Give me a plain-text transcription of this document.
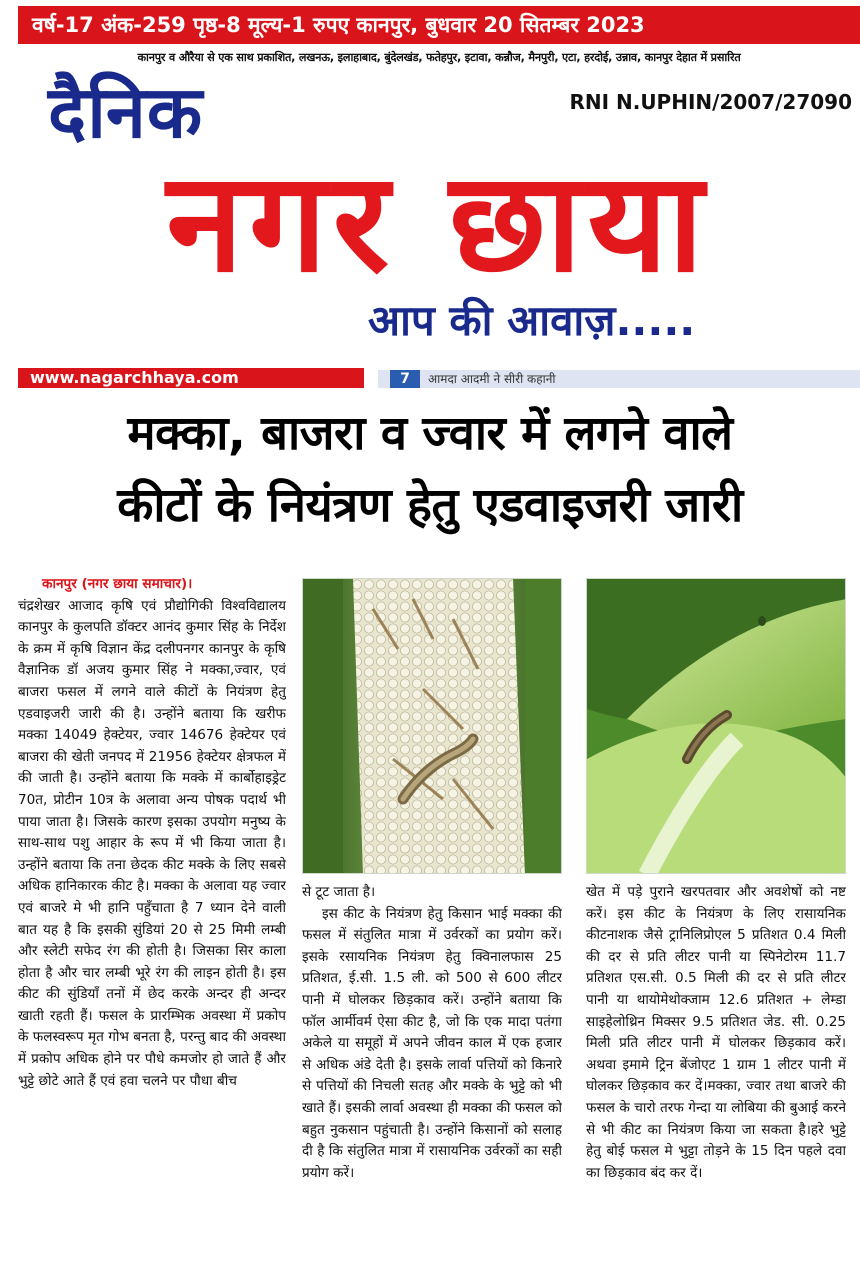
वर्ष-17 अंक-259 पृष्ठ-8 मूल्य-1 रुपए कानपुर, बुधवार 20 सितम्बर 2023
कानपुर व औरैया से एक साथ प्रकाशित, लखनऊ, इलाहाबाद, बुंदेलखंड, फतेहपुर, इटावा, कन्नौज, मैनपुरी, एटा, हरदोई, उन्नाव, कानपुर देहात में प्रसारित
दैनिक	RNI N.UPHIN/2007/27090
नगर छाया
आप की आवाज़.....
www.nagarchhaya.com	7	आमदा आदमी ने सीरी कहानी
मक्का, बाजरा व ज्वार में लगने वाले
कीटों के नियंत्रण हेतु एडवाइजरी जारी
कानपुर (नगर छाया समाचार)।
चंद्रशेखर आजाद कृषि एवं प्रौद्योगिकी विश्वविद्यालय कानपुर के कुलपति डॉक्टर आनंद कुमार सिंह के निर्देश के क्रम में कृषि विज्ञान केंद्र दलीपनगर कानपुर के कृषि वैज्ञानिक डॉ अजय कुमार सिंह ने मक्का,ज्वार, एवं बाजरा फसल में लगने वाले कीटों के नियंत्रण हेतु एडवाइजरी जारी की है। उन्होंने बताया कि खरीफ मक्का 14049 हेक्टेयर, ज्वार 14676 हेक्टेयर एवं बाजरा की खेती जनपद में 21956 हेक्टेयर क्षेत्रफल में की जाती है। उन्होंने बताया कि मक्के में कार्बोहाइड्रेट 70त, प्रोटीन 10त्र के अलावा अन्य पोषक पदार्थ भी पाया जाता है। जिसके कारण इसका उपयोग मनुष्य के साथ-साथ पशु आहार के रूप में भी किया जाता है। उन्होंने बताया कि तना छेदक कीट मक्के के लिए सबसे अधिक हानिकारक कीट है। मक्का के अलावा यह ज्वार एवं बाजरे मे भी हानि पहुँचाता है 7 ध्यान देने वाली बात यह है कि इसकी सुंडियां 20 से 25 मिमी लम्बी और स्लेटी सफेद रंग की होती है। जिसका सिर काला होता है और चार लम्बी भूरे रंग की लाइन होती है। इस कीट की सुंडियाँ तनों में छेद करके अन्दर ही अन्दर खाती रहती हैं। फसल के प्रारम्भिक अवस्था में प्रकोप के फलस्वरूप मृत गोभ बनता है, परन्तु बाद की अवस्था में प्रकोप अधिक होने पर पौधे कमजोर हो जाते हैं और भुट्टे छोटे आते हैं एवं हवा चलने पर पौधा बीच
से टूट जाता है।
इस कीट के नियंत्रण हेतु किसान भाई मक्का की फसल में संतुलित मात्रा में उर्वरकों का प्रयोग करें। इसके रसायनिक नियंत्रण हेतु क्विनालफास 25 प्रतिशत, ई.सी. 1.5 ली. को 500 से 600 लीटर पानी में घोलकर छिड़काव करें। उन्होंने बताया कि फॉल आर्मीवर्म ऐसा कीट है, जो कि एक मादा पतंगा अकेले या समूहों में अपने जीवन काल में एक हजार से अधिक अंडे देती है। इसके लार्वा पत्तियों को किनारे से पत्तियों की निचली सतह और मक्के के भुट्टे को भी खाते हैं। इसकी लार्वा अवस्था ही मक्का की फसल को बहुत नुकसान पहुंचाती है। उन्होंने किसानों को सलाह दी है कि संतुलित मात्रा में रासायनिक उर्वरकों का सही प्रयोग करें।
खेत में पड़े पुराने खरपतवार और अवशेषों को नष्ट करें। इस कीट के नियंत्रण के लिए रासायनिक कीटनाशक जैसे ट्रानिलिप्रोएल 5 प्रतिशत 0.4 मिली की दर से प्रति लीटर पानी या स्पिनेटोरम 11.7 प्रतिशत एस.सी. 0.5 मिली की दर से प्रति लीटर पानी या थायोमेथोक्जाम 12.6 प्रतिशत + लेम्डा साइहेलोथ्रिन मिक्सर 9.5 प्रतिशत जेड. सी. 0.25 मिली प्रति लीटर पानी में घोलकर छिड़काव करें। अथवा इमामे ट्रिन बेंजोएट 1 ग्राम 1 लीटर पानी में घोलकर छिड़काव कर दें।मक्का, ज्वार तथा बाजरे की फसल के चारो तरफ गेन्दा या लोबिया की बुआई करने से भी कीट का नियंत्रण किया जा सकता है।हरे भुट्टे हेतु बोई फसल मे भुट्टा तोड़ने के 15 दिन पहले दवा का छिड़काव बंद कर दें।
